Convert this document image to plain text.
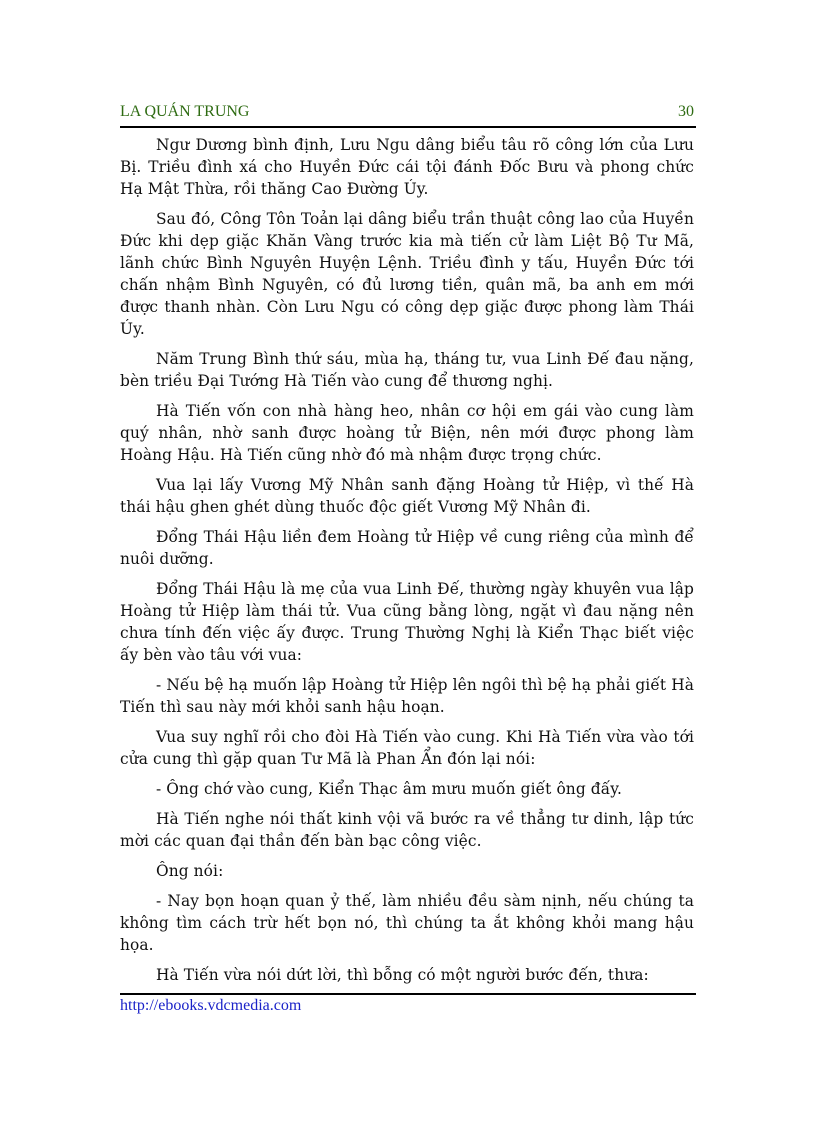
LA QUÁN TRUNG	30

Ngư Dương bình định, Lưu Ngu dâng biểu tâu rõ công lớn của Lưu Bị. Triều đình xá cho Huyền Đức cái tội đánh Đốc Bưu và phong chức Hạ Mật Thừa, rồi thăng Cao Đường Úy.

Sau đó, Công Tôn Toản lại dâng biểu trần thuật công lao của Huyền Đức khi dẹp giặc Khăn Vàng trước kia mà tiến cử làm Liệt Bộ Tư Mã, lãnh chức Bình Nguyên Huyện Lệnh. Triều đình y tấu, Huyền Đức tới chấn nhậm Bình Nguyên, có đủ lương tiền, quân mã, ba anh em mới được thanh nhàn. Còn Lưu Ngu có công dẹp giặc được phong làm Thái Úy.

Năm Trung Bình thứ sáu, mùa hạ, tháng tư, vua Linh Đế đau nặng, bèn triều Đại Tướng Hà Tiến vào cung để thương nghị.

Hà Tiến vốn con nhà hàng heo, nhân cơ hội em gái vào cung làm quý nhân, nhờ sanh được hoàng tử Biện, nên mới được phong làm Hoàng Hậu. Hà Tiến cũng nhờ đó mà nhậm được trọng chức.

Vua lại lấy Vương Mỹ Nhân sanh đặng Hoàng tử Hiệp, vì thế Hà thái hậu ghen ghét dùng thuốc độc giết Vương Mỹ Nhân đi.

Đổng Thái Hậu liền đem Hoàng tử Hiệp về cung riêng của mình để nuôi dưỡng.

Đổng Thái Hậu là mẹ của vua Linh Đế, thường ngày khuyên vua lập Hoàng tử Hiệp làm thái tử. Vua cũng bằng lòng, ngặt vì đau nặng nên chưa tính đến việc ấy được. Trung Thường Nghị là Kiển Thạc biết việc ấy bèn vào tâu với vua:

- Nếu bệ hạ muốn lập Hoàng tử Hiệp lên ngôi thì bệ hạ phải giết Hà Tiến thì sau này mới khỏi sanh hậu hoạn.

Vua suy nghĩ rồi cho đòi Hà Tiến vào cung. Khi Hà Tiến vừa vào tới cửa cung thì gặp quan Tư Mã là Phan Ẩn đón lại nói:

- Ông chớ vào cung, Kiển Thạc âm mưu muốn giết ông đấy.

Hà Tiến nghe nói thất kinh vội vã bước ra về thẳng tư dinh, lập tức mời các quan đại thần đến bàn bạc công việc.

Ông nói:

- Nay bọn hoạn quan ỷ thế, làm nhiều đều sàm nịnh, nếu chúng ta không tìm cách trừ hết bọn nó, thì chúng ta ắt không khỏi mang hậu họa.

Hà Tiến vừa nói dứt lời, thì bỗng có một người bước đến, thưa:

http://ebooks.vdcmedia.com
